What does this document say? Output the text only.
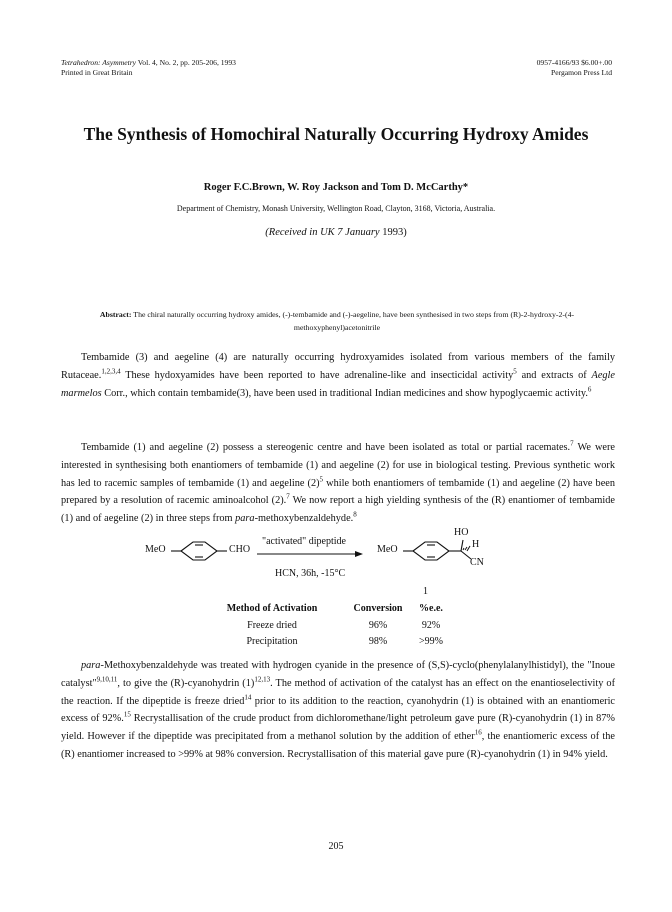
Tetrahedron: Asymmetry Vol. 4, No. 2, pp. 205-206, 1993
Printed in Great Britain
0957-4166/93 $6.00+.00
Pergamon Press Ltd
The Synthesis of Homochiral Naturally Occurring Hydroxy Amides
Roger F.C.Brown, W. Roy Jackson and Tom D. McCarthy*
Department of Chemistry, Monash University, Wellington Road, Clayton, 3168, Victoria, Australia.
(Received in UK 7 January 1993)
Abstract: The chiral naturally occurring hydroxy amides, (-)-tembamide and (-)-aegeline, have been synthesised in two steps from (R)-2-hydroxy-2-(4-methoxyphenyl)acetonitrile

Tembamide (3) and aegeline (4) are naturally occurring hydroxyamides isolated from various members of the family Rutaceae.$^{1,2,3,4}$ These hydoxyamides have been reported to have adrenaline-like and insecticidal activity$^5$ and extracts of Aegle marmelos Corr., which contain tembamide(3), have been used in traditional Indian medicines and show hypoglycaemic activity.$^6$

Tembamide (1) and aegeline (2) possess a stereogenic centre and have been isolated as total or partial racemates.$^7$ We were interested in synthesising both enantiomers of tembamide (1) and aegeline (2) for use in biological testing. Previous synthetic work has led to racemic samples of tembamide (1) and aegeline $(2)^5$ while both enantiomers of tembamide (1) and aegeline (2) have been prepared by a resolution of racemic aminoalcohol (2).$^7$ We now report a high yielding synthesis of the (R) enantiomer of tembamide (1) and of aegeline (2) in three steps from para-methoxybenzaldehyde.$^8$

MeO	CHO
"activated" dipeptide
HCN, 36h, -15°C
MeO
HO
H
CN
1
Method of Activation	Conversion	%e.e.
Freeze dried	96%	92%
Precipitation	98%	>99%

para-Methoxybenzaldehyde was treated with hydrogen cyanide in the presence of (S,S)-cyclo(phenylalanylhistidyl), the "Inoue catalyst"$^{9,10,11}$, to give the (R)-cyanohydrin $(1)^{12,13}$. The method of activation of the catalyst has an effect on the enantioselectivity of the reaction. If the dipeptide is freeze dried$^{14}$ prior to its addition to the reaction, cyanohydrin (1) is obtained with an enantiomeric excess of 92%.$^{15}$ Recrystallisation of the crude product from dichloromethane/light petroleum gave pure (R)-cyanohydrin (1) in 87% yield. However if the dipeptide was precipitated from a methanol solution by the addition of ether$^{16}$, the enantiomeric excess of the (R) enantiomer increased to >99% at 98% conversion. Recrystallisation of this material gave pure (R)-cyanohydrin (1) in 94% yield.

205
